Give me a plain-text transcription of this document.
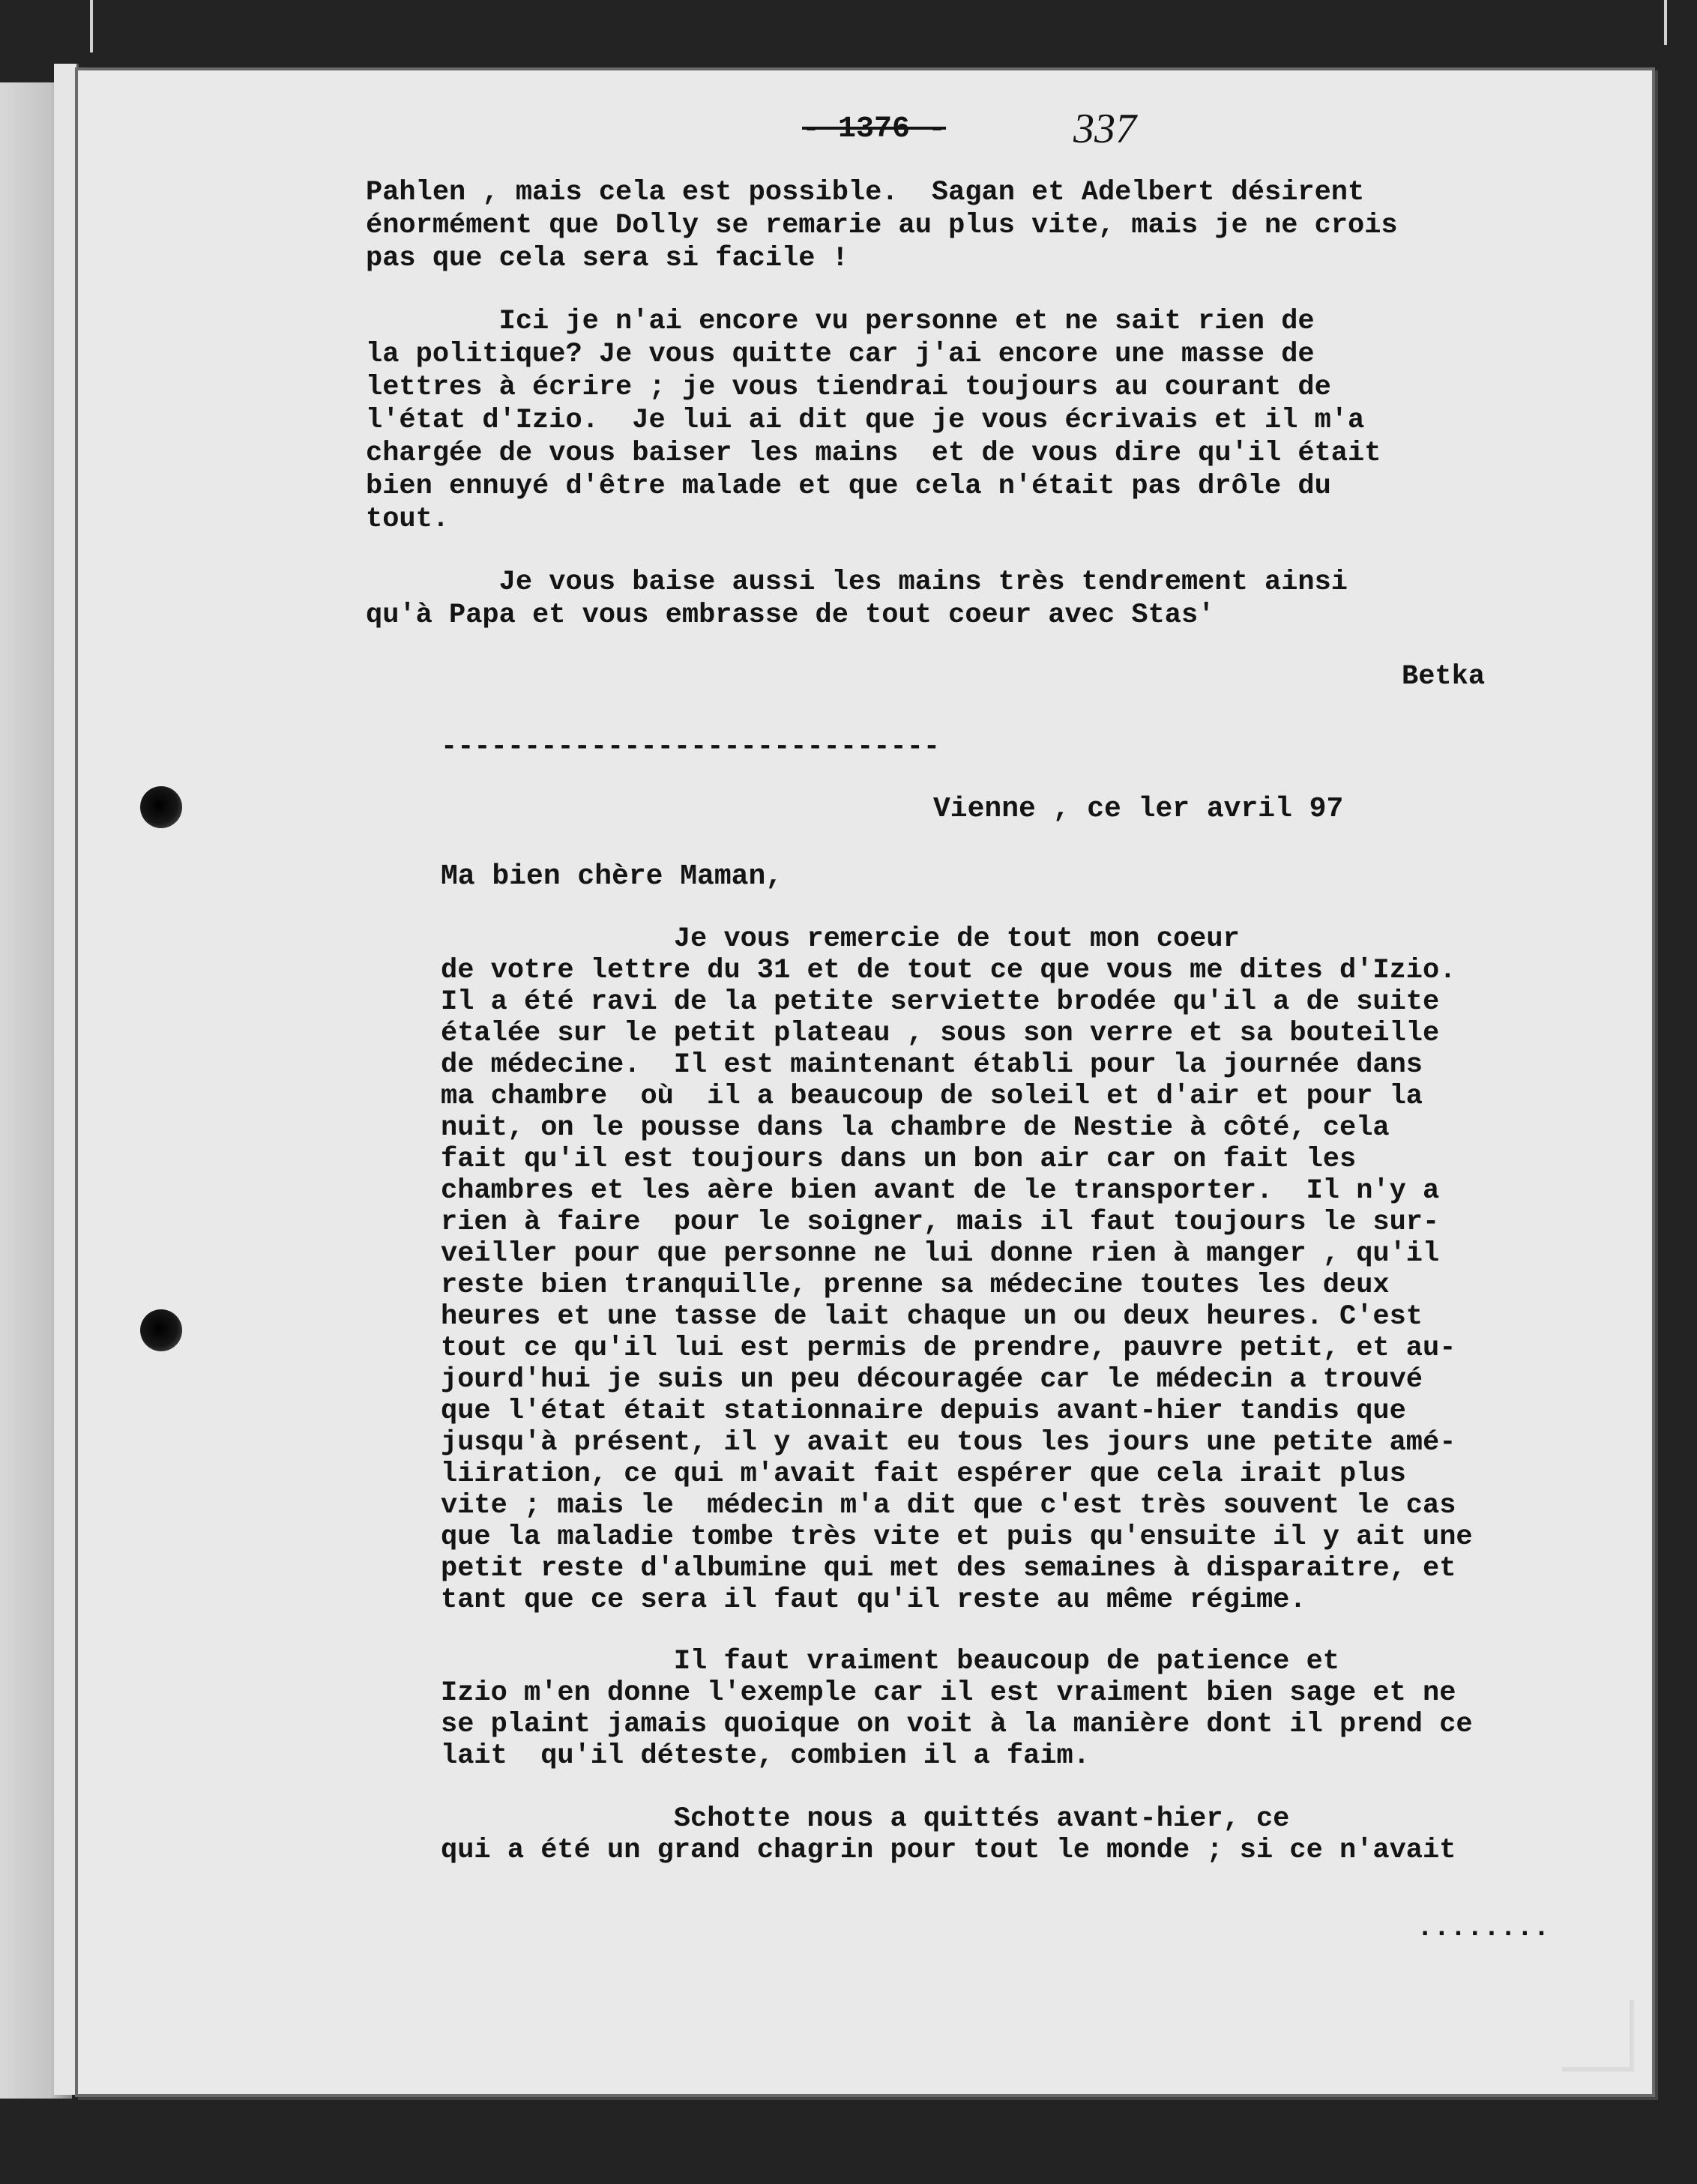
- 1376 -	337
Pahlen , mais cela est possible.  Sagan et Adelbert désirent
énormément que Dolly se remarie au plus vite, mais je ne crois
pas que cela sera si facile !
Ici je n'ai encore vu personne et ne sait rien de
la politique? Je vous quitte car j'ai encore une masse de
lettres à écrire ; je vous tiendrai toujours au courant de
l'état d'Izio.  Je lui ai dit que je vous écrivais et il m'a
chargée de vous baiser les mains  et de vous dire qu'il était
bien ennuyé d'être malade et que cela n'était pas drôle du
tout.
Je vous baise aussi les mains très tendrement ainsi
qu'à Papa et vous embrasse de tout coeur avec Stas'
Betka
------------------------------
Vienne , ce ler avril 97
Ma bien chère Maman,
Je vous remercie de tout mon coeur
de votre lettre du 31 et de tout ce que vous me dites d'Izio.
Il a été ravi de la petite serviette brodée qu'il a de suite
étalée sur le petit plateau , sous son verre et sa bouteille
de médecine.  Il est maintenant établi pour la journée dans
ma chambre  où  il a beaucoup de soleil et d'air et pour la
nuit, on le pousse dans la chambre de Nestie à côté, cela
fait qu'il est toujours dans un bon air car on fait les
chambres et les aère bien avant de le transporter.  Il n'y a
rien à faire  pour le soigner, mais il faut toujours le sur-
veiller pour que personne ne lui donne rien à manger , qu'il
reste bien tranquille, prenne sa médecine toutes les deux
heures et une tasse de lait chaque un ou deux heures. C'est
tout ce qu'il lui est permis de prendre, pauvre petit, et au-
jourd'hui je suis un peu découragée car le médecin a trouvé
que l'état était stationnaire depuis avant-hier tandis que
jusqu'à présent, il y avait eu tous les jours une petite amé-
liiration, ce qui m'avait fait espérer que cela irait plus
vite ; mais le  médecin m'a dit que c'est très souvent le cas
que la maladie tombe très vite et puis qu'ensuite il y ait une
petit reste d'albumine qui met des semaines à disparaitre, et
tant que ce sera il faut qu'il reste au même régime.
Il faut vraiment beaucoup de patience et
Izio m'en donne l'exemple car il est vraiment bien sage et ne
se plaint jamais quoique on voit à la manière dont il prend ce
lait  qu'il déteste, combien il a faim.
Schotte nous a quittés avant-hier, ce
qui a été un grand chagrin pour tout le monde ; si ce n'avait
........
